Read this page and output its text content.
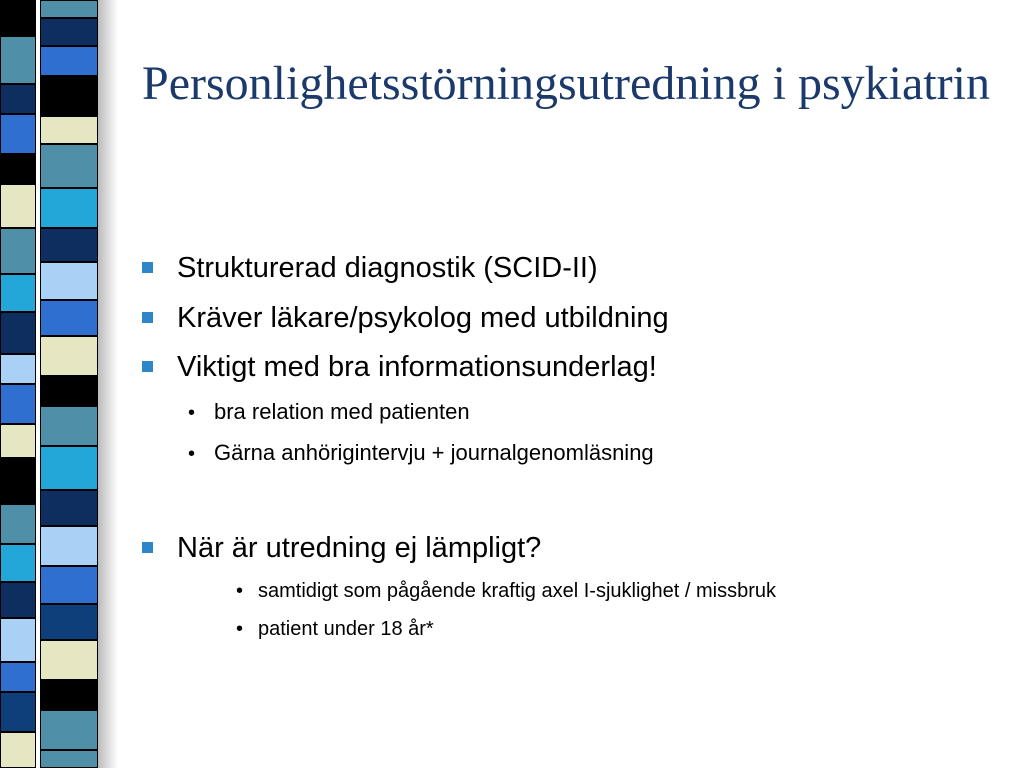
Personlighetsstörningsutredning i psykiatrin
Strukturerad diagnostik (SCID-II)
Kräver läkare/psykolog med utbildning
Viktigt med bra informationsunderlag!
• bra relation med patienten
• Gärna anhörigintervju + journalgenomläsning
När är utredning ej lämpligt?
• samtidigt som pågående kraftig axel I-sjuklighet / missbruk
• patient under 18 år*
